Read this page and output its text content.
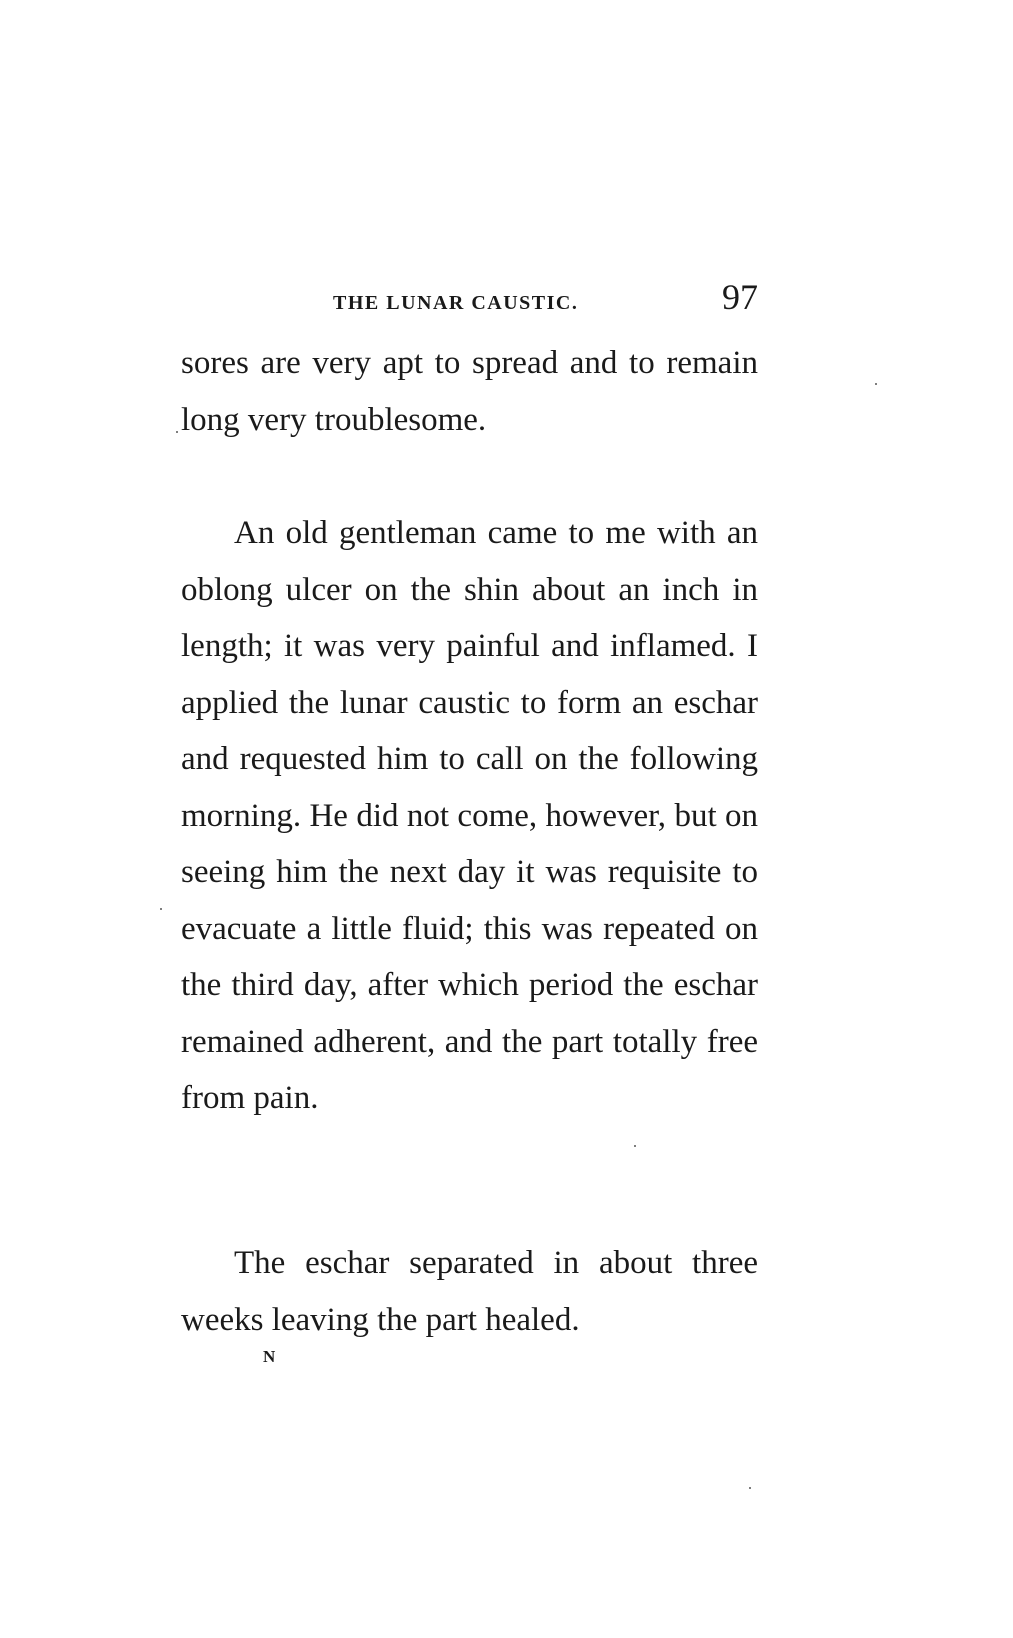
THE LUNAR CAUSTIC.	97
sores are very apt to spread and to remain long very troublesome.
An old gentleman came to me with an oblong ulcer on the shin about an inch in length; it was very painful and inflamed. I applied the lunar caustic to form an eschar and requested him to call on the following morning. He did not come, however, but on seeing him the next day it was requisite to evacuate a little fluid; this was repeated on the third day, after which period the eschar remained adherent, and the part totally free from pain.
The eschar separated in about three weeks leaving the part healed.
N
